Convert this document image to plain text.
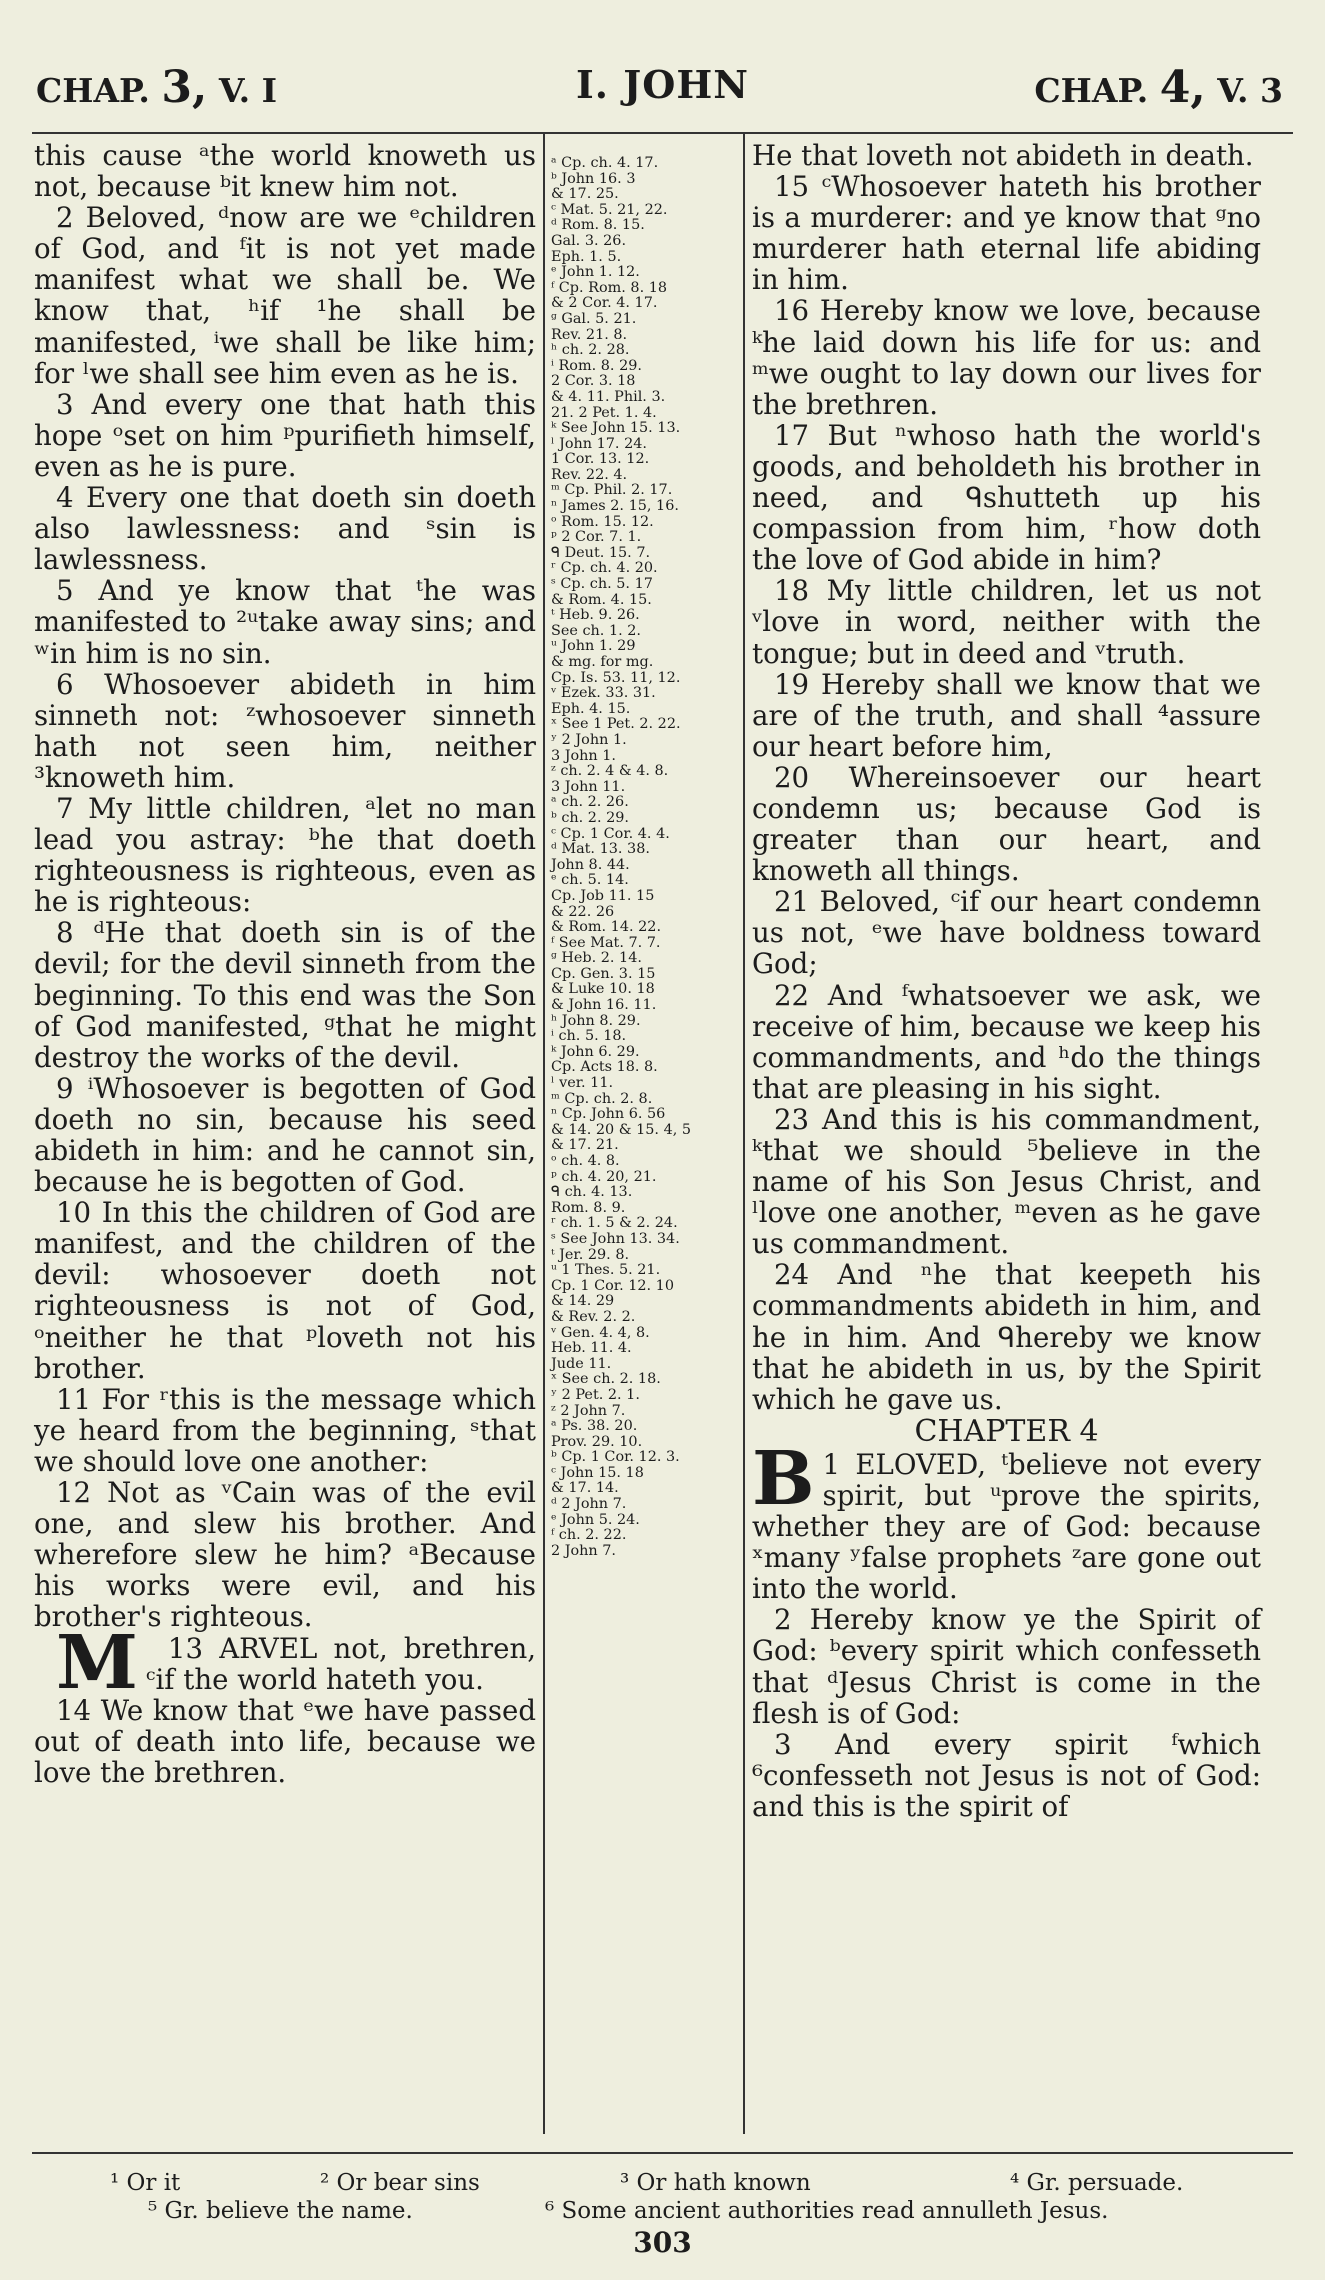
CHAP. 3, V. I	I. JOHN	CHAP. 4, V. 3

this cause ᵃthe world knoweth us not, because ᵇit knew him not.

2 Beloved, ᵈnow are we ᵉchildren of God, and ᶠit is not yet made manifest what we shall be. We know that, ʰif ¹he shall be manifested, ⁱwe shall be like him; for ˡwe shall see him even as he is.

3 And every one that hath this hope ᵒset on him ᵖpurifieth himself, even as he is pure.

4 Every one that doeth sin doeth also lawlessness: and ˢsin is lawlessness.

5 And ye know that ᵗhe was manifested to ²ᵘtake away sins; and ʷin him is no sin.

6 Whosoever abideth in him sinneth not: ᶻwhosoever sinneth hath not seen him, neither ³knoweth him.

7 My little children, ᵃlet no man lead you astray: ᵇhe that doeth righteousness is righteous, even as he is righteous:

8 ᵈHe that doeth sin is of the devil; for the devil sinneth from the beginning. To this end was the Son of God manifested, ᵍthat he might destroy the works of the devil.

9 ⁱWhosoever is begotten of God doeth no sin, because his seed abideth in him: and he cannot sin, because he is begotten of God.

10 In this the children of God are manifest, and the children of the devil: whosoever doeth not righteousness is not of God, ᵒneither he that ᵖloveth not his brother.

11 For ʳthis is the message which ye heard from the beginning, ˢthat we should love one another:

12 Not as ᵛCain was of the evil one, and slew his brother. And wherefore slew he him? ᵃBecause his works were evil, and his brother's righteous.

13
M	ARVEL not, brethren, ᶜif the world hateth you.

14 We know that ᵉwe have passed out of death into life, because we love the brethren.

ᵃ Cp. ch. 4. 17.

ᵇ John 16. 3
& 17. 25.

ᶜ Mat. 5. 21, 22.

ᵈ Rom. 8. 15.
Gal. 3. 26.
Eph. 1. 5.

ᵉ John 1. 12.

ᶠ Cp. Rom. 8. 18
& 2 Cor. 4. 17.

ᵍ Gal. 5. 21.
Rev. 21. 8.

ʰ ch. 2. 28.

ⁱ Rom. 8. 29.
2 Cor. 3. 18
& 4. 11. Phil. 3.
21. 2 Pet. 1. 4.

ᵏ See John 15. 13.

ˡ John 17. 24.
1 Cor. 13. 12.
Rev. 22. 4.

ᵐ Cp. Phil. 2. 17.

ⁿ James 2. 15, 16.

ᵒ Rom. 15. 12.

ᵖ 2 Cor. 7. 1.

ᑫ Deut. 15. 7.

ʳ Cp. ch. 4. 20.

ˢ Cp. ch. 5. 17
& Rom. 4. 15.

ᵗ Heb. 9. 26.
See ch. 1. 2.

ᵘ John 1. 29
& mg. for mg.
Cp. Is. 53. 11, 12.

ᵛ Ezek. 33. 31.
Eph. 4. 15.

ˣ See 1 Pet. 2. 22.

ʸ 2 John 1.
3 John 1.

ᶻ ch. 2. 4 & 4. 8.
3 John 11.

ᵃ ch. 2. 26.

ᵇ ch. 2. 29.

ᶜ Cp. 1 Cor. 4. 4.

ᵈ Mat. 13. 38.
John 8. 44.

ᵉ ch. 5. 14.
Cp. Job 11. 15
& 22. 26
& Rom. 14. 22.

ᶠ See Mat. 7. 7.

ᵍ Heb. 2. 14.
Cp. Gen. 3. 15
& Luke 10. 18
& John 16. 11.

ʰ John 8. 29.

ⁱ ch. 5. 18.

ᵏ John 6. 29.
Cp. Acts 18. 8.

ˡ ver. 11.

ᵐ Cp. ch. 2. 8.

ⁿ Cp. John 6. 56
& 14. 20 & 15. 4, 5
& 17. 21.

ᵒ ch. 4. 8.

ᵖ ch. 4. 20, 21.

ᑫ ch. 4. 13.
Rom. 8. 9.

ʳ ch. 1. 5 & 2. 24.

ˢ See John 13. 34.

ᵗ Jer. 29. 8.

ᵘ 1 Thes. 5. 21.
Cp. 1 Cor. 12. 10
& 14. 29
& Rev. 2. 2.

ᵛ Gen. 4. 4, 8.
Heb. 11. 4.
Jude 11.

ˣ See ch. 2. 18.

ʸ 2 Pet. 2. 1.

ᶻ 2 John 7.

ᵃ Ps. 38. 20.
Prov. 29. 10.

ᵇ Cp. 1 Cor. 12. 3.

ᶜ John 15. 18
& 17. 14.

ᵈ 2 John 7.

ᵉ John 5. 24.

ᶠ ch. 2. 22.
2 John 7.

He that loveth not abideth in death.

15 ᶜWhosoever hateth his brother is a murderer: and ye know that ᵍno murderer hath eternal life abiding in him.

16 Hereby know we love, because ᵏhe laid down his life for us: and ᵐwe ought to lay down our lives for the brethren.

17 But ⁿwhoso hath the world's goods, and beholdeth his brother in need, and ᑫshutteth up his compassion from him, ʳhow doth the love of God abide in him?

18 My little children, let us not ᵛlove in word, neither with the tongue; but in deed and ᵛtruth.

19 Hereby shall we know that we are of the truth, and shall ⁴assure our heart before him,

20 Whereinsoever our heart condemn us; because God is greater than our heart, and knoweth all things.

21 Beloved, ᶜif our heart condemn us not, ᵉwe have boldness toward God;

22 And ᶠwhatsoever we ask, we receive of him, because we keep his commandments, and ʰdo the things that are pleasing in his sight.

23 And this is his commandment, ᵏthat we should ⁵believe in the name of his Son Jesus Christ, and ˡlove one another, ᵐeven as he gave us commandment.

24 And ⁿhe that keepeth his commandments abideth in him, and he in him. And ᑫhereby we know that he abideth in us, by the Spirit which he gave us.

CHAPTER 4

1
B ELOVED, ᵗbelieve not every spirit, but ᵘprove the spirits, whether they are of God: because ˣmany ʸfalse prophets ᶻare gone out into the world.

2 Hereby know ye the Spirit of God: ᵇevery spirit which confesseth that ᵈJesus Christ is come in the flesh is of God:

3 And every spirit ᶠwhich ⁶confesseth not Jesus is not of God: and this is the spirit of

¹ Or it	² Or bear sins	³ Or hath known	⁴ Gr. persuade.
⁵ Gr. believe the name.	⁶ Some ancient authorities read annulleth Jesus.
303
